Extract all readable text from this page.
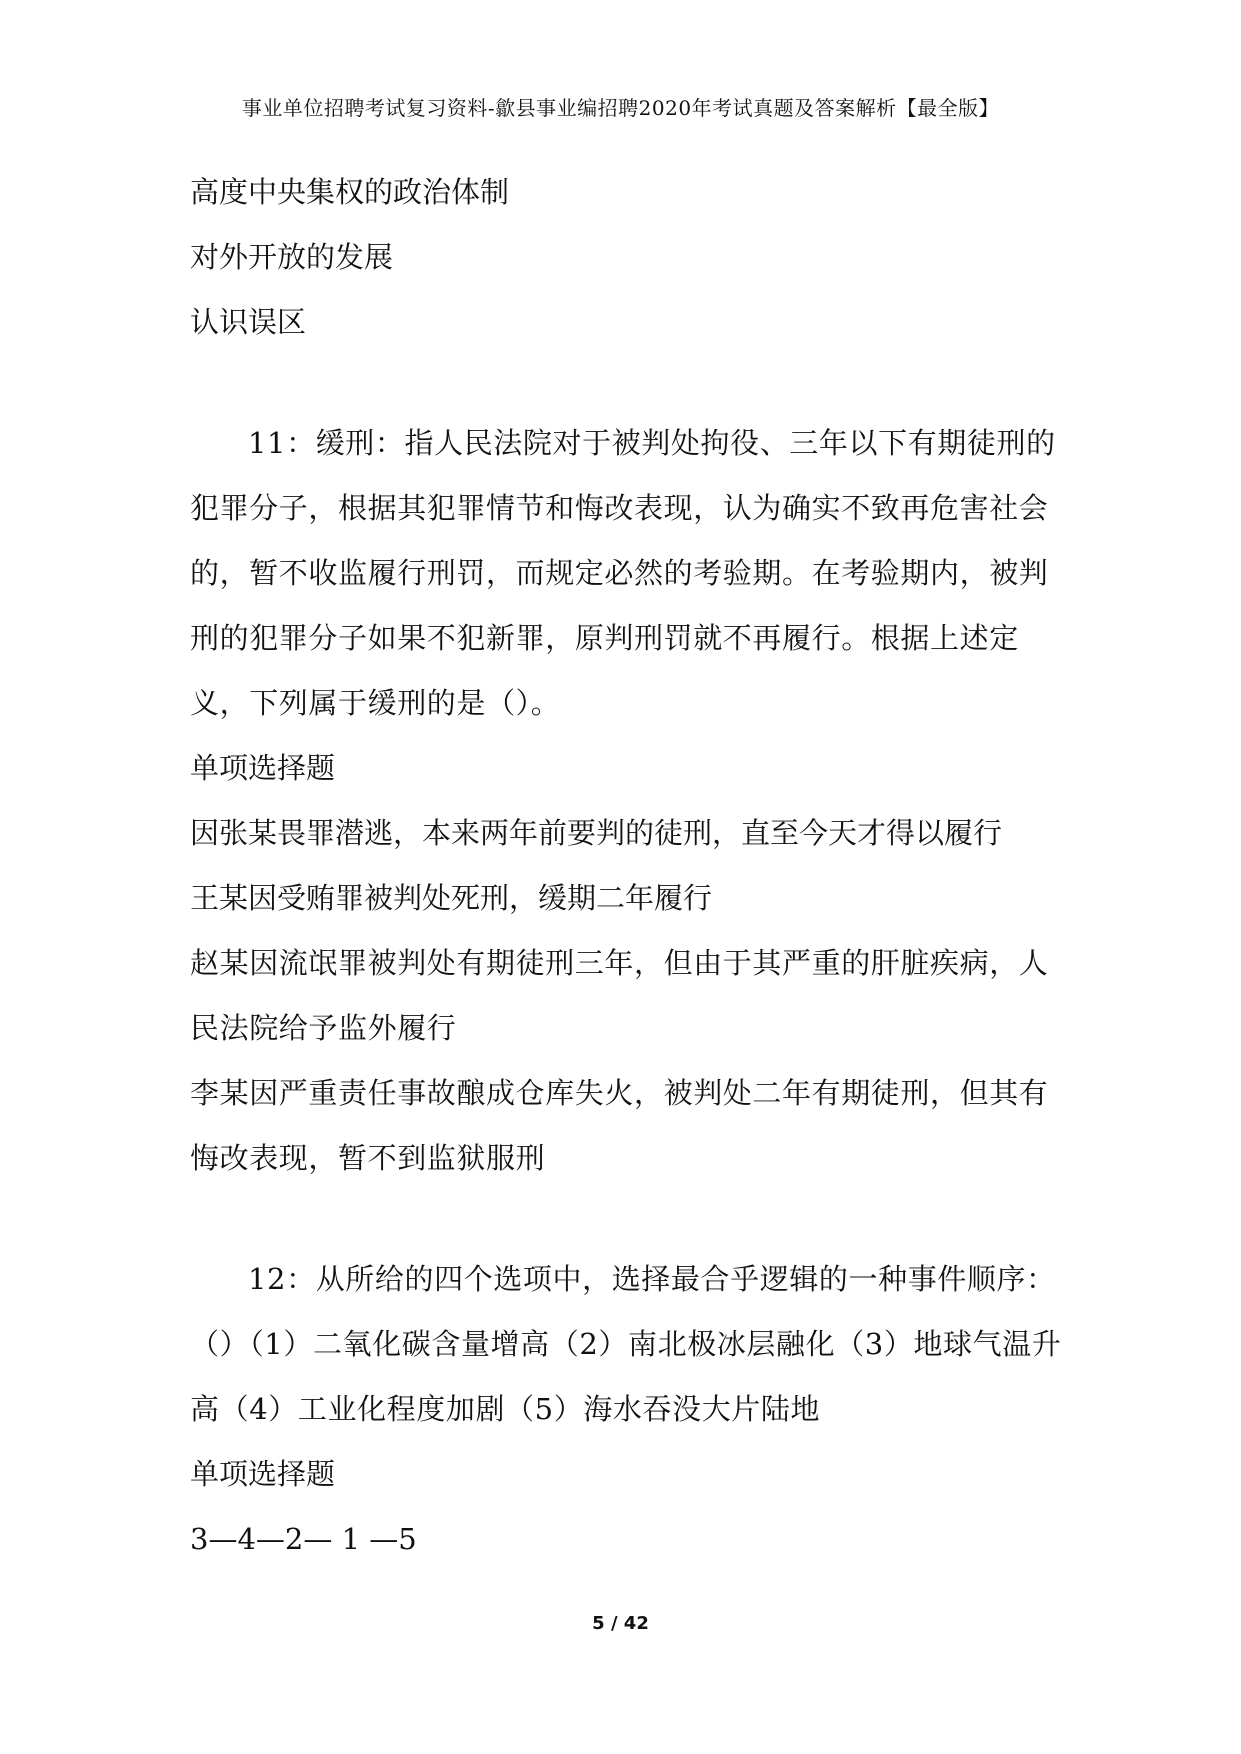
事业单位招聘考试复习资料-歙县事业编招聘2020年考试真题及答案解析【最全版】
高度中央集权的政治体制
对外开放的发展
认识误区
11：缓刑：指人民法院对于被判处拘役、三年以下有期徒刑的犯罪分子，根据其犯罪情节和悔改表现，认为确实不致再危害社会的，暂不收监履行刑罚，而规定必然的考验期。在考验期内，被判刑的犯罪分子如果不犯新罪，原判刑罚就不再履行。根据上述定义，下列属于缓刑的是（）。
单项选择题
因张某畏罪潜逃，本来两年前要判的徒刑，直至今天才得以履行
王某因受贿罪被判处死刑，缓期二年履行
赵某因流氓罪被判处有期徒刑三年，但由于其严重的肝脏疾病，人民法院给予监外履行
李某因严重责任事故酿成仓库失火，被判处二年有期徒刑，但其有悔改表现，暂不到监狱服刑
12：从所给的四个选项中，选择最合乎逻辑的一种事件顺序：（）（1）二氧化碳含量增高（2）南北极冰层融化（3）地球气温升高（4）工业化程度加剧（5）海水吞没大片陆地
单项选择题
3—4—2— 1 —5
5 / 42
